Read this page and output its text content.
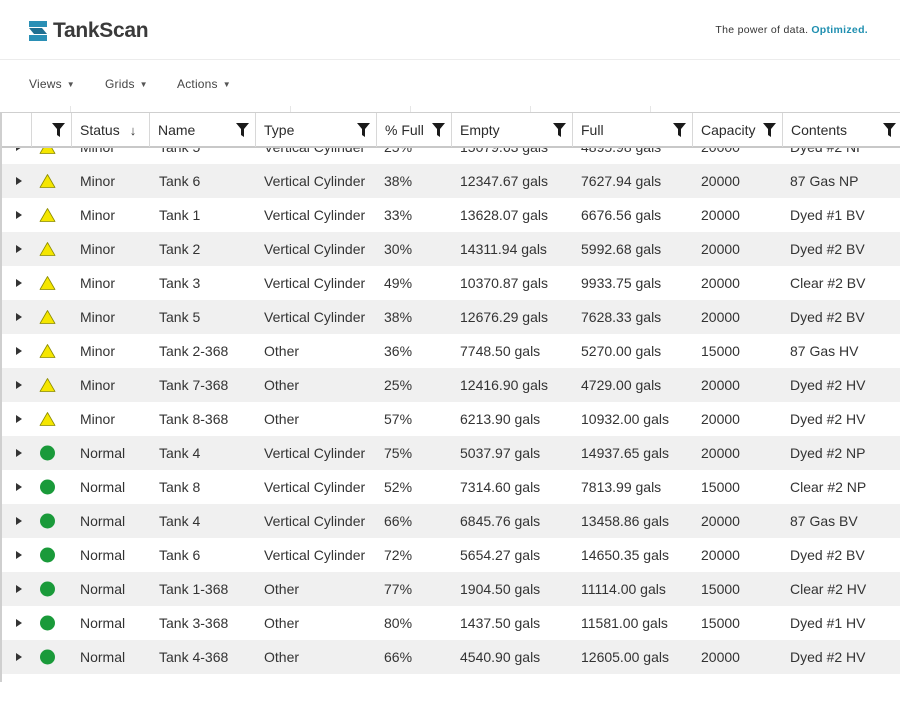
TankScan	The power of data. Optimized.
Views ▼	Grids ▼ Actions ▼
Minor	Tank 6	Vertical Cylinder 38%	12347.67 gals 7627.94 gals	20000	87 Gas NP
Minor	Tank 1	Vertical Cylinder 33%	13628.07 gals 6676.56 gals	20000	Dyed #1 BV
Minor	Tank 2	Vertical Cylinder 30%	14311.94 gals 5992.68 gals	20000	Dyed #2 BV
Minor	Tank 3	Vertical Cylinder 49%	10370.87 gals 9933.75 gals	20000	Clear #2 BV
Minor	Tank 5	Vertical Cylinder 38%	12676.29 gals 7628.33 gals	20000	Dyed #2 BV
Minor	Tank 2-368	Other	36%	7748.50 gals	5270.00 gals	15000	87 Gas HV
Minor	Tank 7-368	Other	25%	12416.90 gals 4729.00 gals	20000	Dyed #2 HV
Minor	Tank 8-368	Other	57%	6213.90 gals	10932.00 gals 20000	Dyed #2 HV
Normal Tank 4	Vertical Cylinder 75%	5037.97 gals	14937.65 gals 20000	Dyed #2 NP
Normal Tank 8	Vertical Cylinder 52%	7314.60 gals	7813.99 gals	15000	Clear #2 NP
Normal Tank 4	Vertical Cylinder 66%	6845.76 gals	13458.86 gals 20000	87 Gas BV
Normal Tank 6	Vertical Cylinder 72%	5654.27 gals	14650.35 gals 20000	Dyed #2 BV
Normal Tank 1-368	Other	77%	1904.50 gals	11114.00 gals	15000	Clear #2 HV
Normal Tank 3-368	Other	80%	1437.50 gals	11581.00 gals 15000	Dyed #1 HV
Normal Tank 4-368	Other	66%	4540.90 gals	12605.00 gals 20000	Dyed #2 HV
Status ↓ Name	Type	% Full	Empty	Full	Capacity	Contents
